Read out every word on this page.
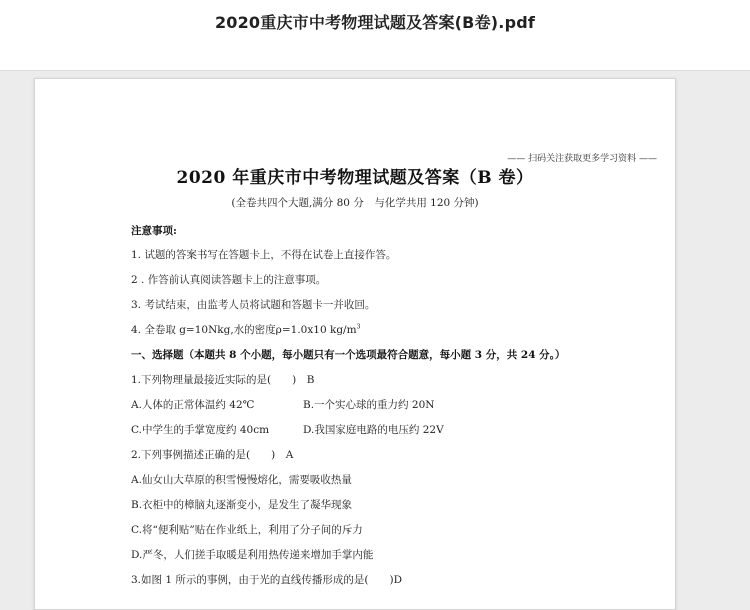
2020重庆市中考物理试题及答案(B卷).pdf
—— 扫码关注获取更多学习资料 ——
2020 年重庆市中考物理试题及答案（B 卷）
(全卷共四个大题,满分 80 分　与化学共用 120 分钟)
注意事项:
1. 试题的答案书写在答题卡上，不得在试卷上直接作答。
2 . 作答前认真阅读答题卡上的注意事项。
3. 考试结束，由监考人员将试题和答题卡一并收回。
4. 全卷取 g=10Nkg,水的密度ρ=1.0x10 $kg/m^3$
一、选择题（本题共 8 个小题，每小题只有一个选项最符合题意，每小题 3 分，共 24 分。）
1.下列物理量最接近实际的是(　　)　B
A.人体的正常体温约 42℃	B.一个实心球的重力约 20N
C.中学生的手掌宽度约 40cm	D.我国家庭电路的电压约 22V
2.下列事例描述正确的是(　　)　A
A.仙女山大草原的积雪慢慢熔化，需要吸收热量
B.衣柜中的樟脑丸逐渐变小，是发生了凝华现象
C.将“便利贴”贴在作业纸上，利用了分子间的斥力
D.严冬，人们搓手取暖是利用热传递来增加手掌内能
3.如图 1 所示的事例，由于光的直线传播形成的是(　　)D
